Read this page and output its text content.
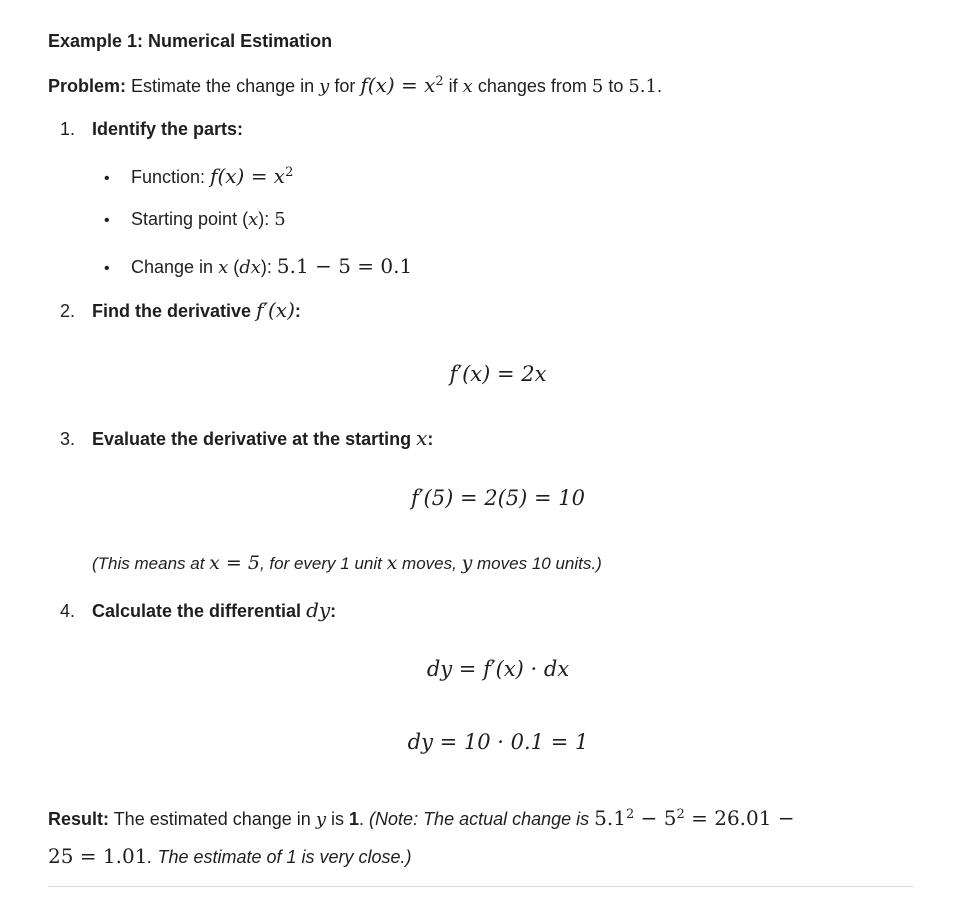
Example 1: Numerical Estimation
Problem: Estimate the change in y for $f(x) = x^2$ if x changes from 5 to 5.1.
1. Identify the parts:
• Function: $f(x) = x^2$
• Starting point (x): 5
• Change in x (dx): 5.1 − 5 = 0.1
2. Find the derivative f′(x):
f′(x) = 2x
3. Evaluate the derivative at the starting x:
f′(5) = 2(5) = 10
(This means at x = 5, for every 1 unit x moves, y moves 10 units.)
4. Calculate the differential dy:
dy = f′(x) · dx
dy = 10 · 0.1 = 1
Result: The estimated change in y is 1. (Note: The actual change is $5.1^2 - 5^2 = 26.01$ −
25 = 1.01. The estimate of 1 is very close.)
